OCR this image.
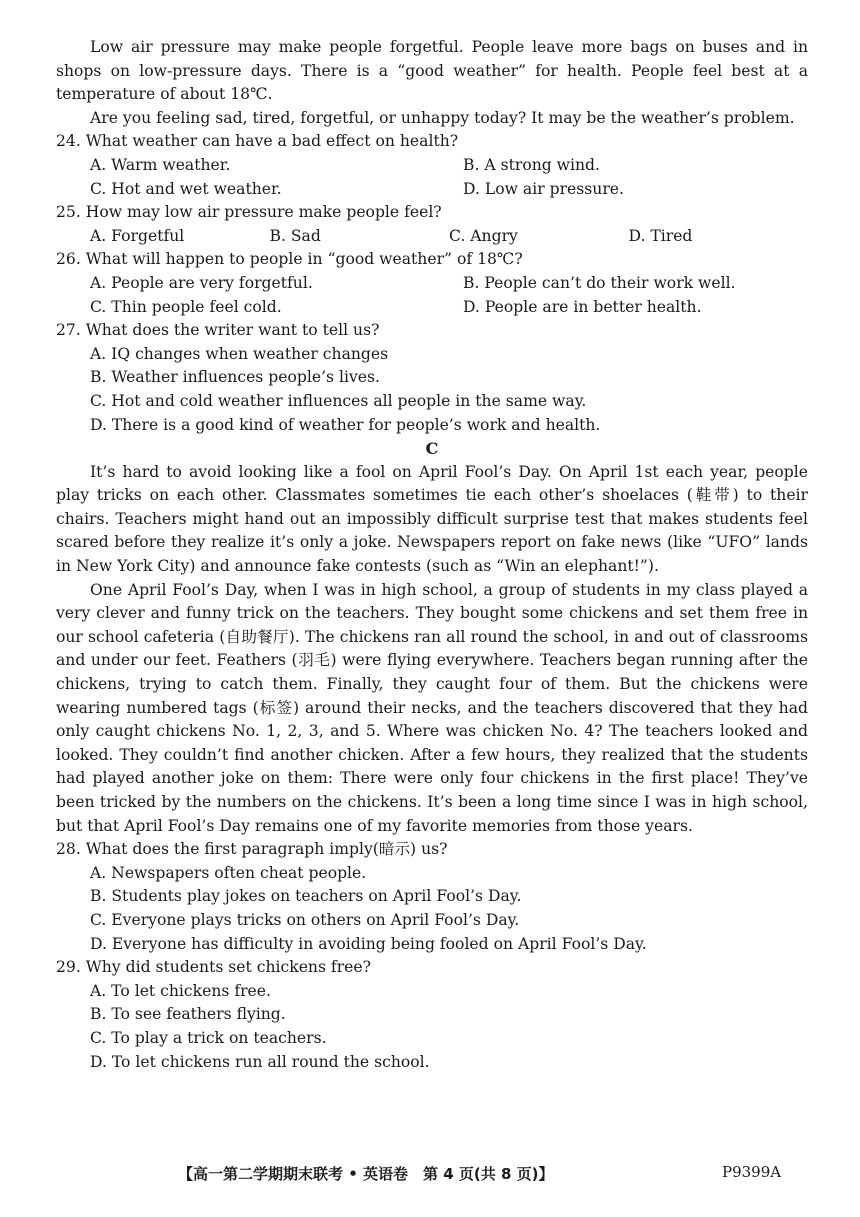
Low air pressure may make people forgetful. People leave more bags on buses and in shops on low-pressure days. There is a “good weather” for health. People feel best at a temperature of about 18℃.

Are you feeling sad, tired, forgetful, or unhappy today? It may be the weather’s problem.

24. What weather can have a bad effect on health?

A. Warm weather.	B. A strong wind.
C. Hot and wet weather.	D. Low air pressure.

25. How may low air pressure make people feel?

A. Forgetful	B. Sad	C. Angry	D. Tired

26. What will happen to people in “good weather” of 18℃?

A. People are very forgetful.	B. People can’t do their work well.
C. Thin people feel cold.	D. People are in better health.

27. What does the writer want to tell us?

A. IQ changes when weather changes
B. Weather influences people’s lives.
C. Hot and cold weather influences all people in the same way.
D. There is a good kind of weather for people’s work and health.

C

It’s hard to avoid looking like a fool on April Fool’s Day. On April 1st each year, people play tricks on each other. Classmates sometimes tie each other’s shoelaces (鞋带) to their chairs. Teachers might hand out an impossibly difficult surprise test that makes students feel scared before they realize it’s only a joke. Newspapers report on fake news (like “UFO” lands in New York City) and announce fake contests (such as “Win an elephant!”).

One April Fool’s Day, when I was in high school, a group of students in my class played a very clever and funny trick on the teachers. They bought some chickens and set them free in our school cafeteria (自助餐厅). The chickens ran all round the school, in and out of classrooms and under our feet. Feathers (羽毛) were flying everywhere. Teachers began running after the chickens, trying to catch them. Finally, they caught four of them. But the chickens were wearing numbered tags (标签) around their necks, and the teachers discovered that they had only caught chickens No. 1, 2, 3, and 5. Where was chicken No. 4? The teachers looked and looked. They couldn’t find another chicken. After a few hours, they realized that the students had played another joke on them: There were only four chickens in the first place! They’ve been tricked by the numbers on the chickens. It’s been a long time since I was in high school, but that April Fool’s Day remains one of my favorite memories from those years.

28. What does the first paragraph imply(暗示) us?

A. Newspapers often cheat people.
B. Students play jokes on teachers on April Fool’s Day.
C. Everyone plays tricks on others on April Fool’s Day.
D. Everyone has difficulty in avoiding being fooled on April Fool’s Day.

29. Why did students set chickens free?

A. To let chickens free.
B. To see feathers flying.
C. To play a trick on teachers.
D. To let chickens run all round the school.
【高一第二学期期末联考 • 英语卷　第 4 页(共 8 页)】	P9399A
